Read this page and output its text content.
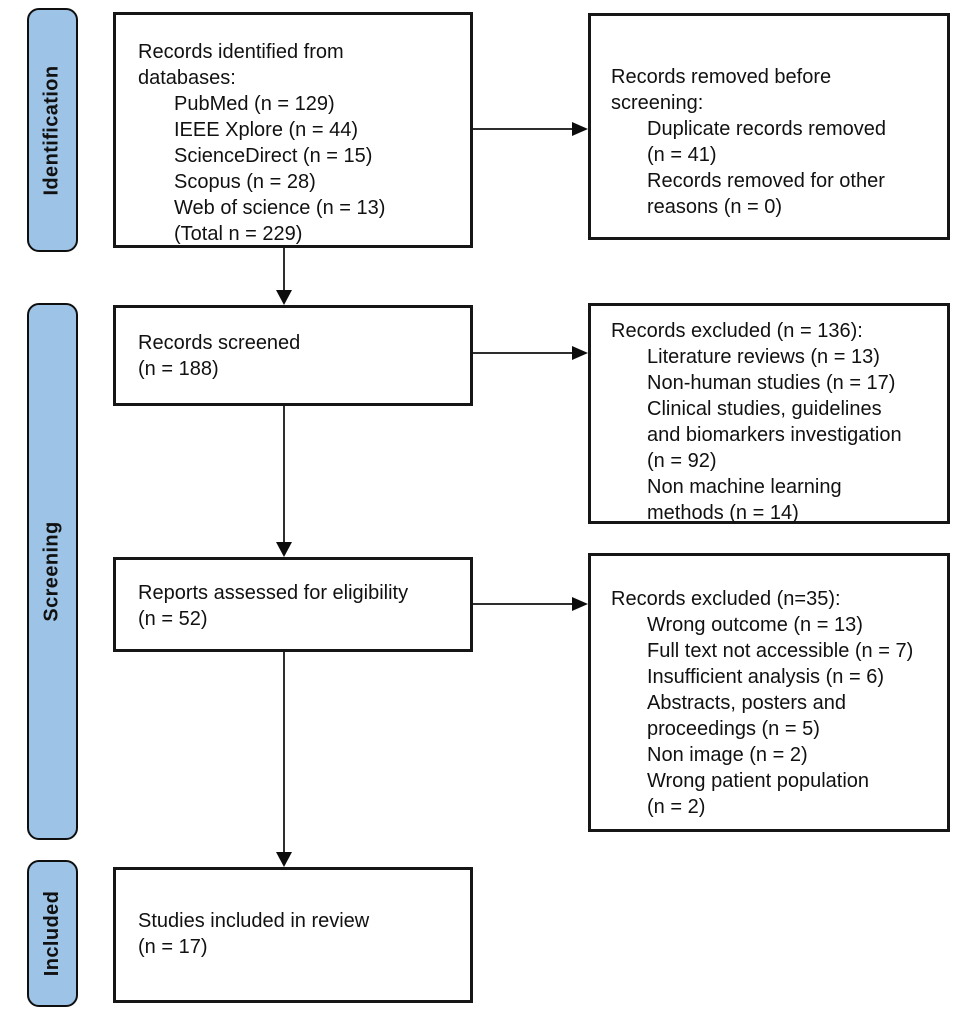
Identification
Screening
Included
Records identified from
databases:
PubMed (n = 129)
IEEE Xplore (n = 44)
ScienceDirect (n = 15)
Scopus (n = 28)
Web of science (n = 13)
(Total n = 229)
Records screened
(n = 188)
Reports assessed for eligibility
(n = 52)
Studies included in review
(n = 17)
Records removed before
screening:
Duplicate records removed
(n = 41)
Records removed for other
reasons (n = 0)
Records excluded (n = 136):
Literature reviews (n = 13)
Non-human studies (n = 17)
Clinical studies, guidelines
and biomarkers investigation
(n = 92)
Non machine learning
methods (n = 14)
Records excluded (n=35):
Wrong outcome (n = 13)
Full text not accessible (n = 7)
Insufficient analysis (n = 6)
Abstracts, posters and
proceedings (n = 5)
Non image (n = 2)
Wrong patient population
(n = 2)
